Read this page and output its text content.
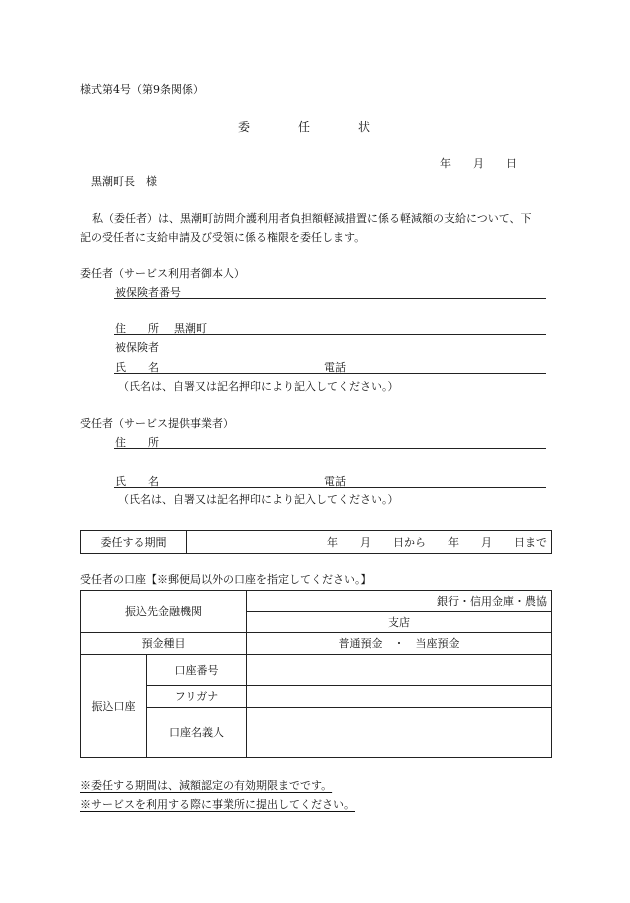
様式第4号（第9条関係）
委　　　　任　　　　状
年　　月　　日
黒潮町長　様
私（委任者）は、黒潮町訪問介護利用者負担額軽減措置に係る軽減額の支給について、下
記の受任者に支給申請及び受領に係る権限を委任します。
委任者（サービス利用者御本人）
被保険者番号
住　　所 黒潮町
被保険者
氏　　名	電話
（氏名は、自署又は記名押印により記入してください。）
受任者（サービス提供事業者）
住　　所
氏　　名	電話
（氏名は、自署又は記名押印により記入してください。）
委任する期間	年　　月　　日から　　年　　月　　日まで
受任者の口座【※郵便局以外の口座を指定してください。】
振込先金融機関		銀行・信用金庫・農協
		支店
預金種目		普通預金　・　当座預金
振込口座	口座番号	
	フリガナ	
	口座名義人	
※委任する期間は、減額認定の有効期限までです。
※サービスを利用する際に事業所に提出してください。
